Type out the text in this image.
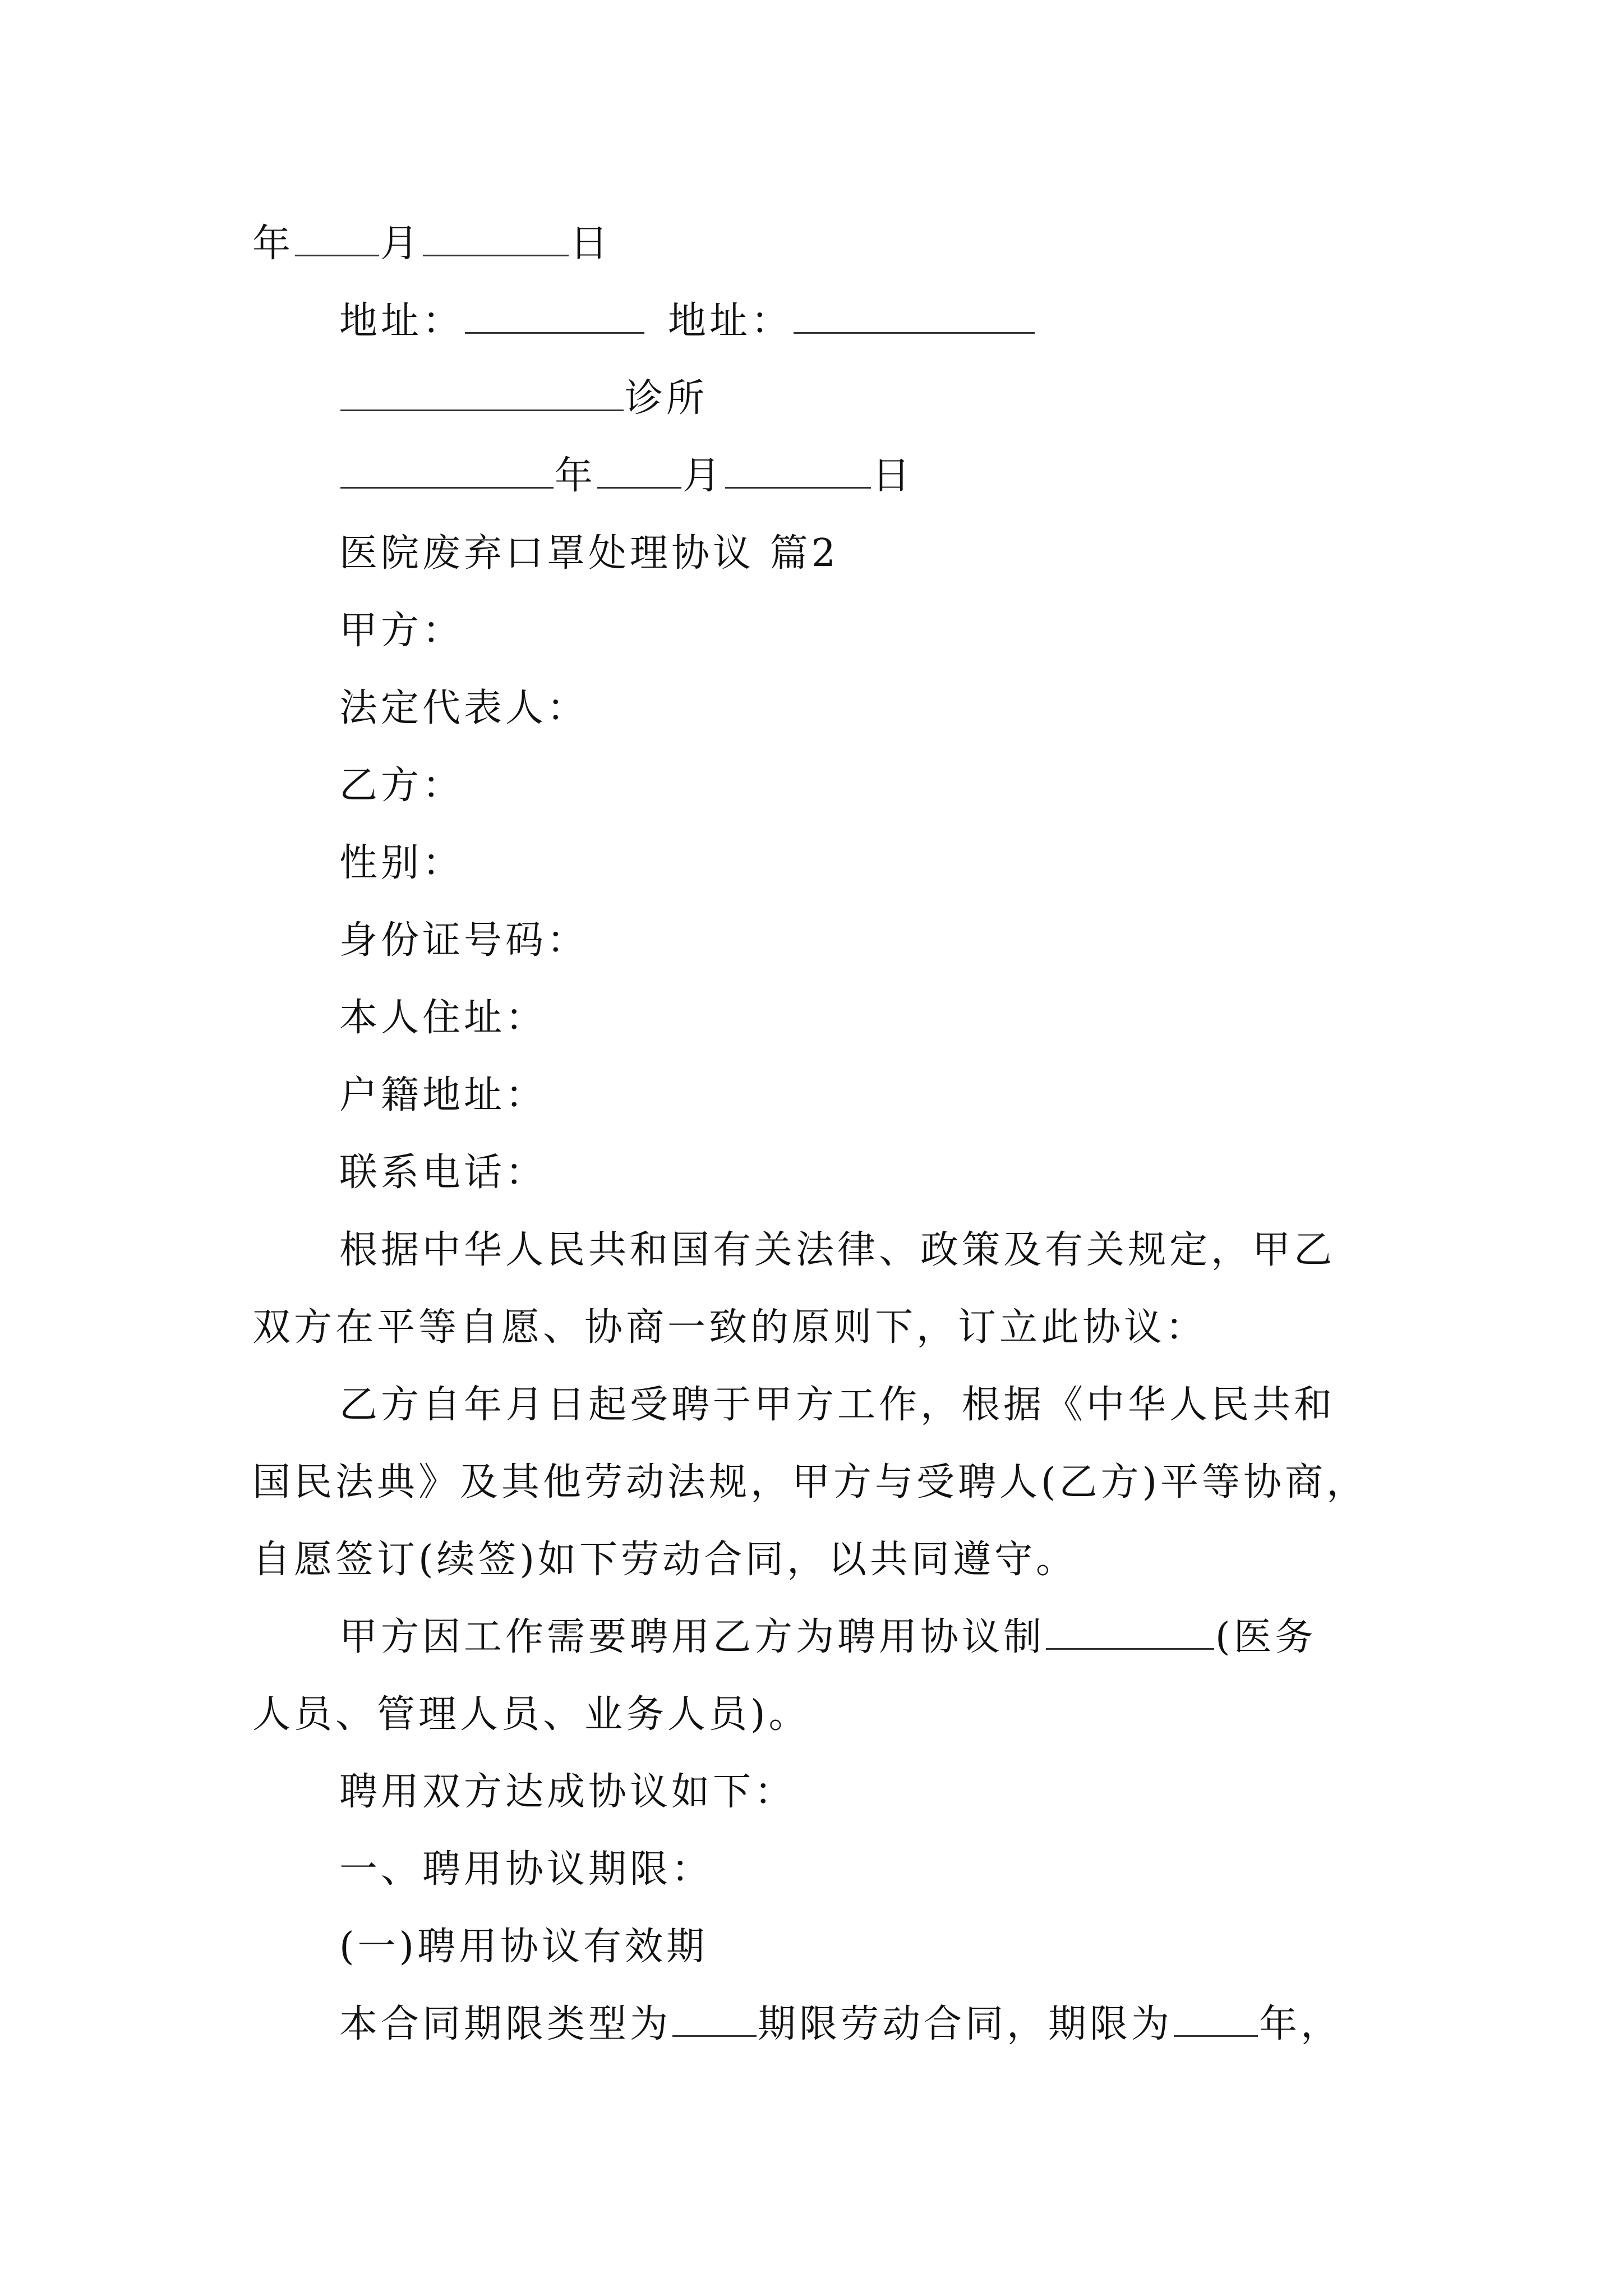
年 月	日
地址：	地址：
诊所
年 月	日
医院废弃口罩处理协议 篇2
甲方：
法定代表人：
乙方：
性别：
身份证号码：
本人住址：
户籍地址：
联系电话：
根据中华人民共和国有关法律、政策及有关规定，甲乙
双方在平等自愿、协商一致的原则下，订立此协议：
乙方自年月日起受聘于甲方工作，根据《中华人民共和
国民法典》及其他劳动法规，甲方与受聘人(乙方)平等协商，
自愿签订(续签)如下劳动合同，以共同遵守。
甲方因工作需要聘用乙方为聘用协议制	(医务
人员、管理人员、业务人员)。
聘用双方达成协议如下：
一、聘用协议期限：
(一)聘用协议有效期
本合同期限类型为 期限劳动合同，期限为 年，
